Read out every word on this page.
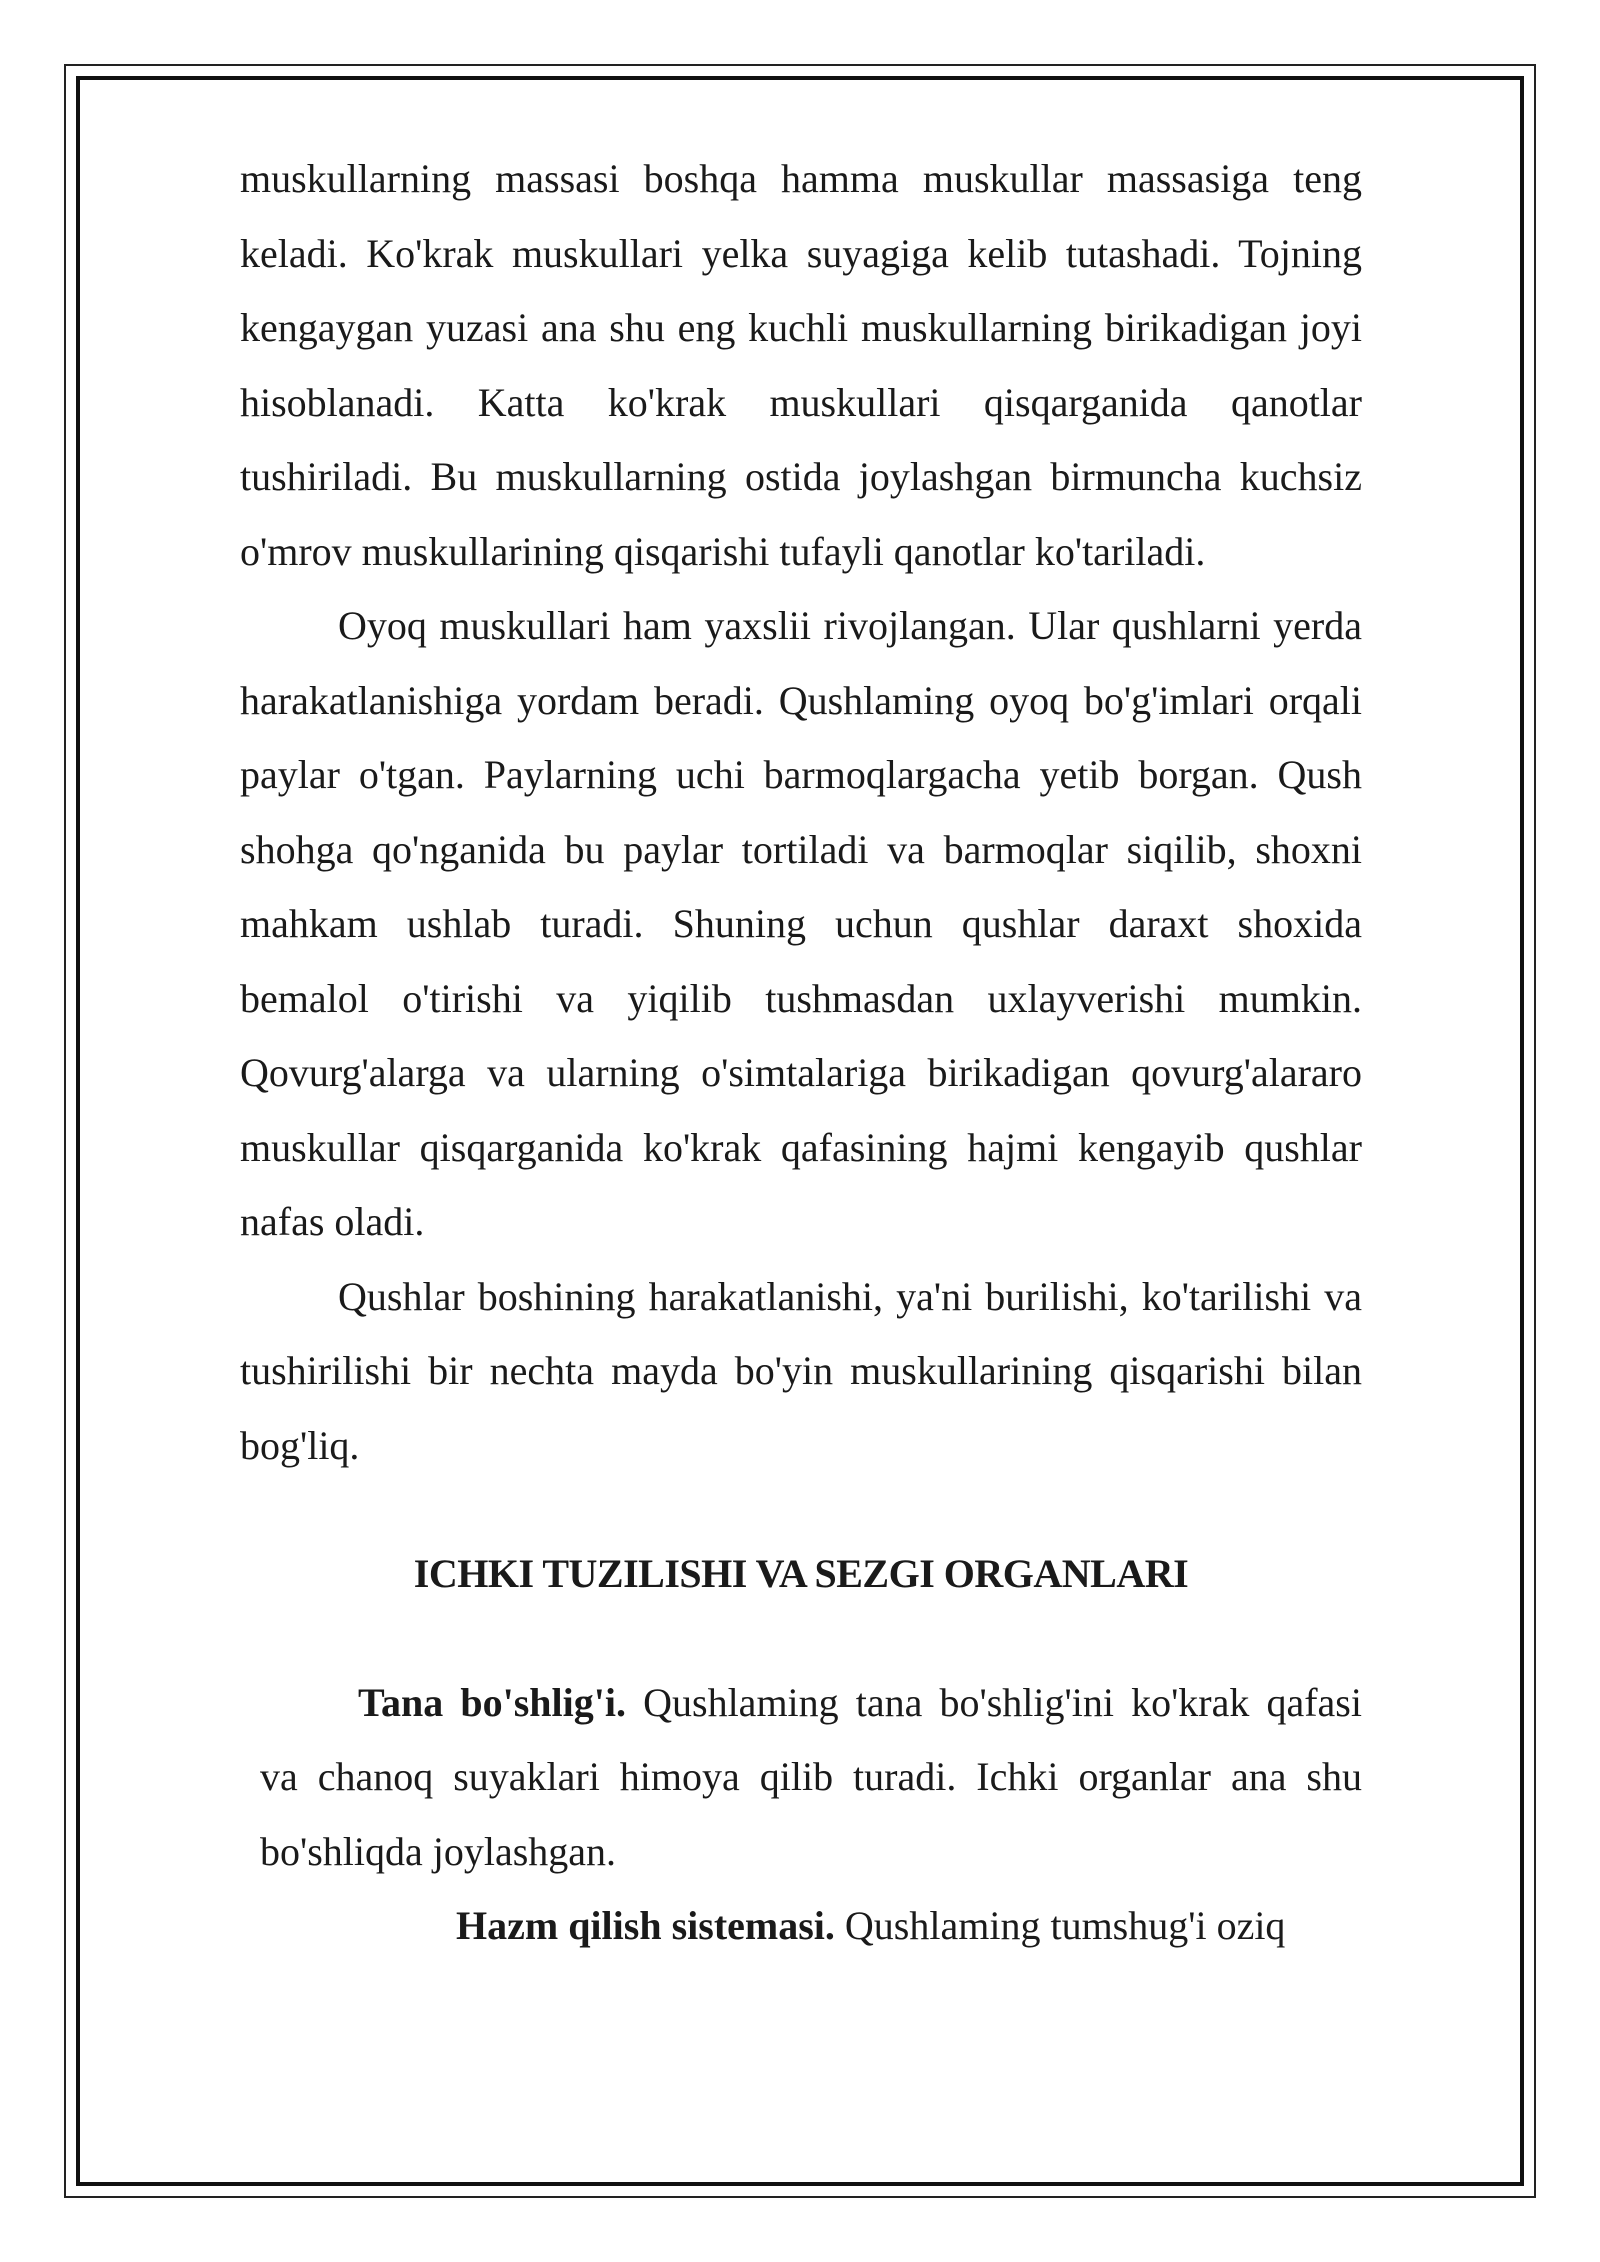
muskullarning massasi boshqa hamma muskullar massasiga teng keladi. Ko'krak muskullari yelka suyagiga kelib tutashadi. Tojning kengaygan yuzasi ana shu eng kuchli muskullarning birikadigan joyi hisoblanadi. Katta ko'krak muskullari qisqarganida qanotlar tushiriladi. Bu muskullarning ostida joylashgan birmuncha kuchsiz o'mrov muskullarining qisqarishi tufayli qanotlar ko'tariladi.

Oyoq muskullari ham yaxslii rivojlangan. Ular qushlarni yerda harakatlanishiga yordam beradi. Qushlaming oyoq bo'g'imlari orqali paylar o'tgan. Paylarning uchi barmoqlargacha yetib borgan. Qush shohga qo'nganida bu paylar tortiladi va barmoqlar siqilib, shoxni mahkam ushlab turadi. Shuning uchun qushlar daraxt shoxida bemalol o'tirishi va yiqilib tushmasdan uxlayverishi mumkin. Qovurg'alarga va ularning o'simtalariga birikadigan qovurg'alararo muskullar qisqarganida ko'krak qafasining hajmi kengayib qushlar nafas oladi.

Qushlar boshining harakatlanishi, ya'ni burilishi, ko'tarilishi va tushirilishi bir nechta mayda bo'yin muskullarining qisqarishi bilan bog'liq.

ICHKI TUZILISHI VA SEZGI ORGANLARI

Tana bo'shlig'i. Qushlaming tana bo'shlig'ini ko'krak qafasi va chanoq suyaklari himoya qilib turadi. Ichki organlar ana shu bo'shliqda joylashgan.

Hazm qilish sistemasi. Qushlaming tumshug'i oziq
